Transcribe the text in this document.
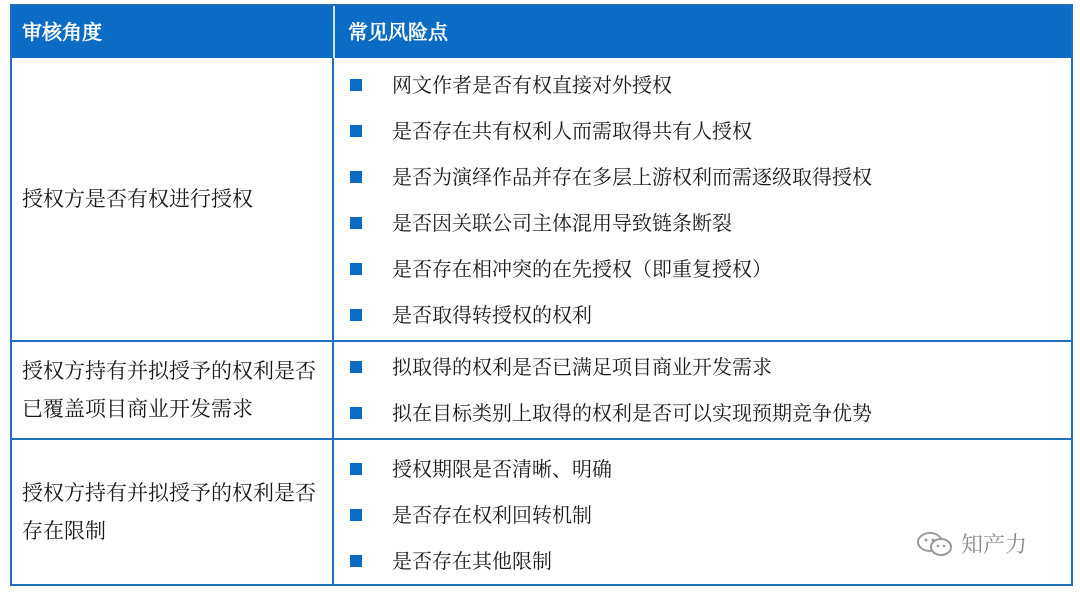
审核角度	常见风险点
授权方是否有权进行授权
网文作者是否有权直接对外授权
是否存在共有权利人而需取得共有人授权
是否为演绎作品并存在多层上游权利而需逐级取得授权
是否因关联公司主体混用导致链条断裂
是否存在相冲突的在先授权（即重复授权）
是否取得转授权的权利
授权方持有并拟授予的权利是否已覆盖项目商业开发需求
拟取得的权利是否已满足项目商业开发需求
拟在目标类别上取得的权利是否可以实现预期竞争优势
授权方持有并拟授予的权利是否存在限制
授权期限是否清晰、明确
是否存在权利回转机制
是否存在其他限制
知产力
